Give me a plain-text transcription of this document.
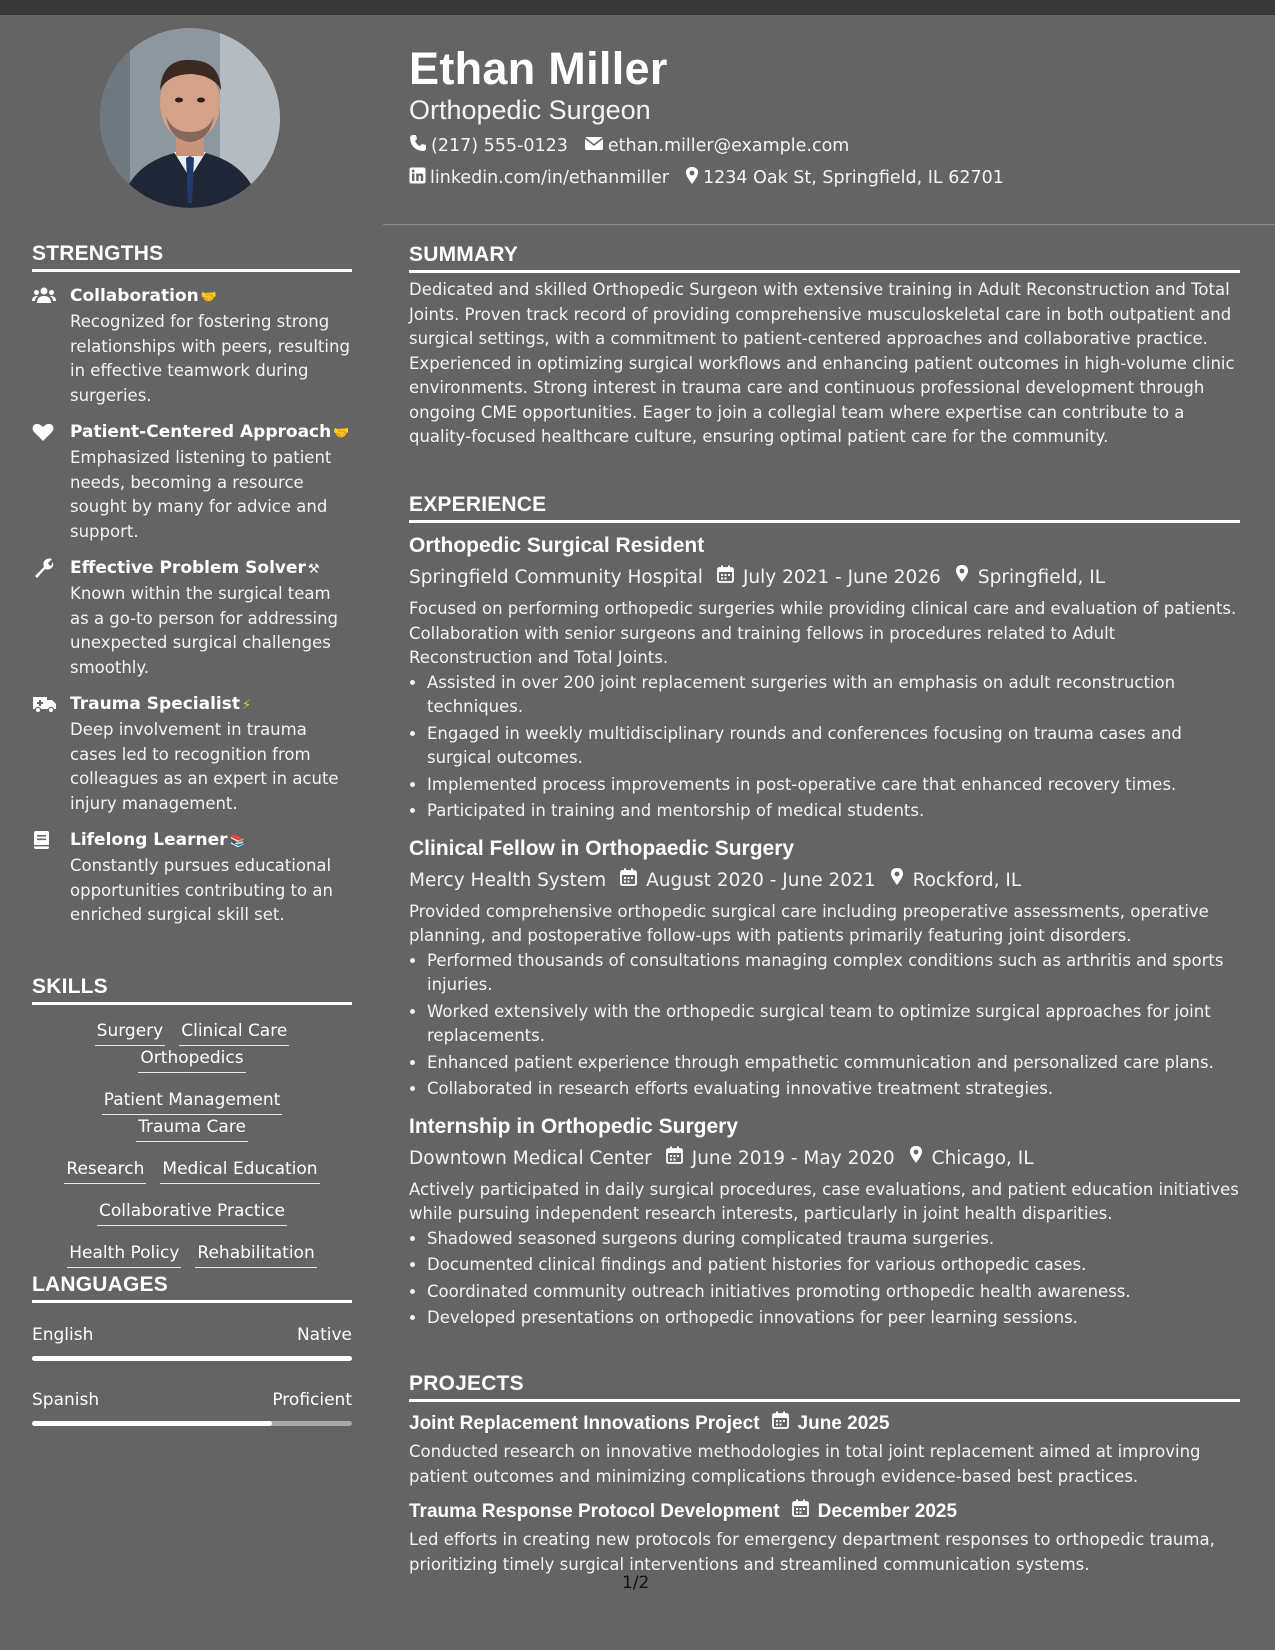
STRENGTHS
Collaboration 🤝
Recognized for fostering strong relationships with peers, resulting in effective teamwork during surgeries.
Patient-Centered Approach 🤝
Emphasized listening to patient needs, becoming a resource sought by many for advice and support.
Effective Problem Solver ⚒
Known within the surgical team as a go-to person for addressing unexpected surgical challenges smoothly.
Trauma Specialist ⚡
Deep involvement in trauma cases led to recognition from colleagues as an expert in acute injury management.
Lifelong Learner 📚
Constantly pursues educational opportunities contributing to an enriched surgical skill set.
SKILLS
Surgery Clinical CareOrthopedics
Patient ManagementTrauma Care
Research Medical Education
Collaborative Practice
Health Policy Rehabilitation
LANGUAGES
English	Native
Spanish	Proficient
Ethan Miller
Orthopedic Surgeon
(217) 555-0123 ethan.miller@example.com
linkedin.com/in/ethanmiller 1234 Oak St, Springfield, IL 62701
SUMMARY
Dedicated and skilled Orthopedic Surgeon with extensive training in Adult Reconstruction and Total Joints. Proven track record of providing comprehensive musculoskeletal care in both outpatient and surgical settings, with a commitment to patient-centered approaches and collaborative practice. Experienced in optimizing surgical workflows and enhancing patient outcomes in high-volume clinic environments. Strong interest in trauma care and continuous professional development through ongoing CME opportunities. Eager to join a collegial team where expertise can contribute to a quality-focused healthcare culture, ensuring optimal patient care for the community.
EXPERIENCE
Orthopedic Surgical Resident
Springfield Community Hospital July 2021 - June 2026 Springfield, IL
Focused on performing orthopedic surgeries while providing clinical care and evaluation of patients. Collaboration with senior surgeons and training fellows in procedures related to Adult Reconstruction and Total Joints.
• Assisted in over 200 joint replacement surgeries with an emphasis on adult reconstruction techniques.
• Engaged in weekly multidisciplinary rounds and conferences focusing on trauma cases and surgical outcomes.
• Implemented process improvements in post-operative care that enhanced recovery times.
• Participated in training and mentorship of medical students.
Clinical Fellow in Orthopaedic Surgery
Mercy Health System August 2020 - June 2021 Rockford, IL
Provided comprehensive orthopedic surgical care including preoperative assessments, operative planning, and postoperative follow-ups with patients primarily featuring joint disorders.
• Performed thousands of consultations managing complex conditions such as arthritis and sports injuries.
• Worked extensively with the orthopedic surgical team to optimize surgical approaches for joint replacements.
• Enhanced patient experience through empathetic communication and personalized care plans.
• Collaborated in research efforts evaluating innovative treatment strategies.
Internship in Orthopedic Surgery
Downtown Medical Center June 2019 - May 2020 Chicago, IL
Actively participated in daily surgical procedures, case evaluations, and patient education initiatives while pursuing independent research interests, particularly in joint health disparities.
• Shadowed seasoned surgeons during complicated trauma surgeries.
• Documented clinical findings and patient histories for various orthopedic cases.
• Coordinated community outreach initiatives promoting orthopedic health awareness.
• Developed presentations on orthopedic innovations for peer learning sessions.
PROJECTS
Joint Replacement Innovations Project June 2025
Conducted research on innovative methodologies in total joint replacement aimed at improving patient outcomes and minimizing complications through evidence-based best practices.
Trauma Response Protocol Development December 2025
Led efforts in creating new protocols for emergency department responses to orthopedic trauma, prioritizing timely surgical interventions and streamlined communication systems.
1/2
